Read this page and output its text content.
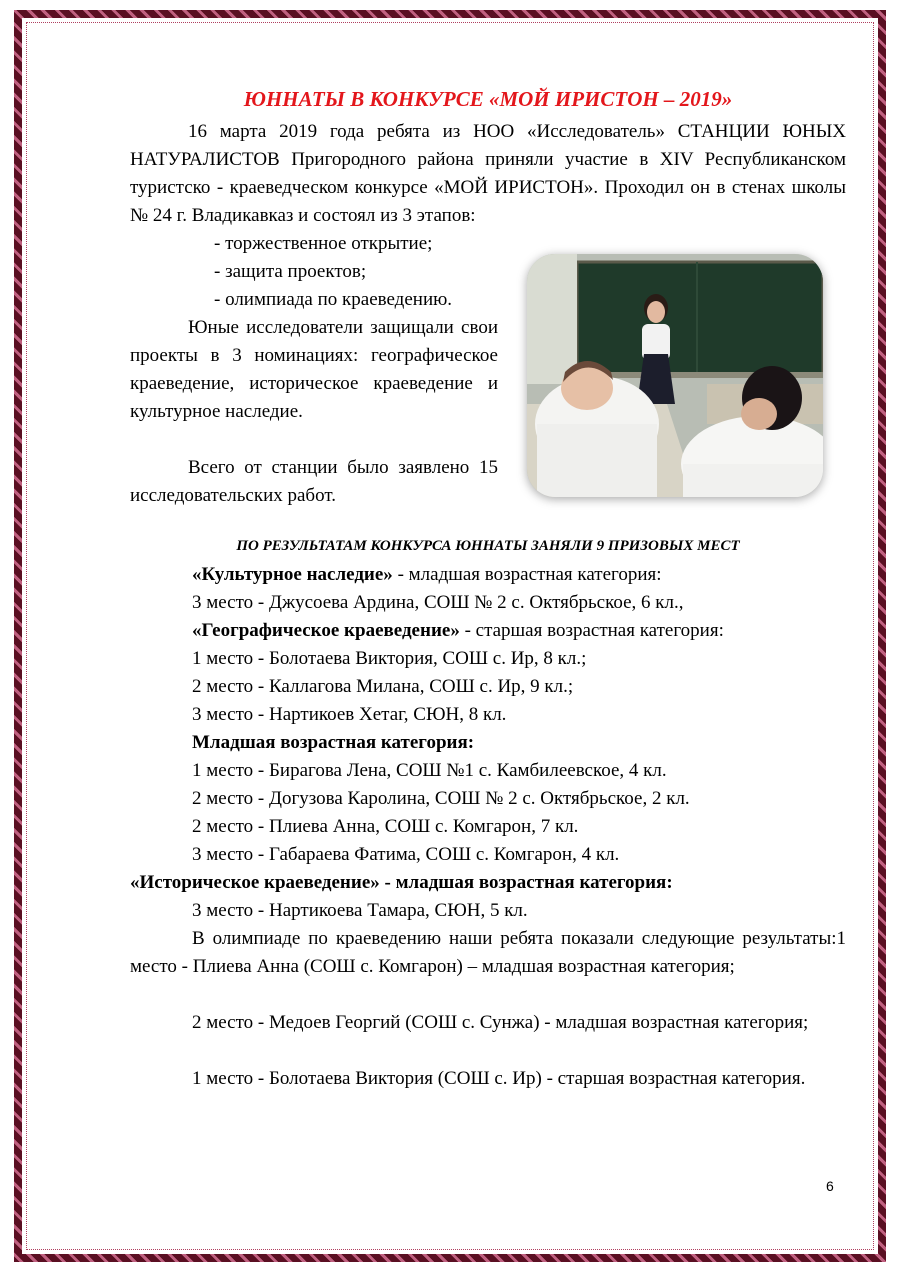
ЮННАТЫ В КОНКУРСЕ «МОЙ ИРИСТОН – 2019»

16 марта 2019 года ребята из НОО «Исследователь» СТАНЦИИ ЮНЫХ НАТУРАЛИСТОВ Пригородного района приняли участие в XIV Республиканском туристско - краеведческом конкурсе «МОЙ ИРИСТОН». Проходил он в стенах школы № 24 г. Владикавказ и состоял из 3 этапов:

- торжественное открытие;
- защита проектов;
- олимпиада по краеведению.

Юные исследователи защищали свои проекты в 3 номинациях: географическое краеведение, историческое краеведение и культурное наследие.

Всего от станции было заявлено 15 исследовательских работ.

ПО РЕЗУЛЬТАТАМ КОНКУРСА ЮННАТЫ ЗАНЯЛИ 9 ПРИЗОВЫХ МЕСТ

«Культурное наследие» - младшая возрастная категория:

3 место - Джусоева Ардина, СОШ № 2 с. Октябрьское, 6 кл.,

«Географическое краеведение» - старшая возрастная категория:

1 место - Болотаева Виктория, СОШ с. Ир, 8 кл.;

2 место - Каллагова Милана, СОШ с. Ир, 9 кл.;

3 место - Нартикоев Хетаг, СЮН, 8 кл.

Младшая возрастная категория:

1 место - Бирагова Лена, СОШ №1 с. Камбилеевское, 4 кл.

2 место - Догузова Каролина, СОШ № 2 с. Октябрьское, 2 кл.

2 место - Плиева Анна, СОШ с. Комгарон, 7 кл.

3 место - Габараева Фатима, СОШ с. Комгарон, 4 кл.

«Историческое краеведение» - младшая возрастная категория:

3 место - Нартикоева Тамара, СЮН, 5 кл.

В олимпиаде по краеведению наши ребята показали следующие результаты:1 место - Плиева Анна (СОШ с. Комгарон) – младшая возрастная категория;

2 место - Медоев Георгий (СОШ с. Сунжа) - младшая возрастная категория;

1 место - Болотаева Виктория (СОШ с. Ир) - старшая возрастная категория.

6
